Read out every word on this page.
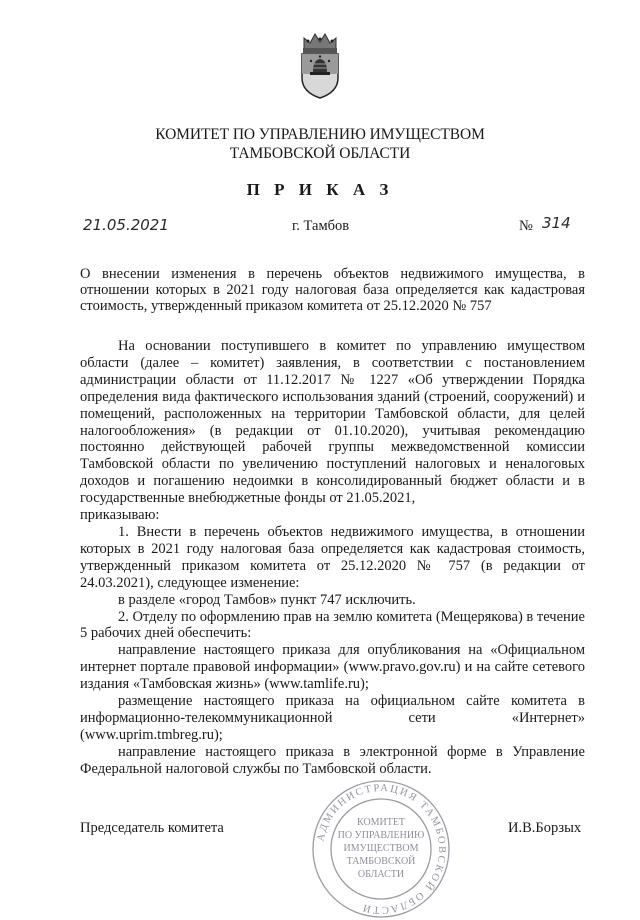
КОМИТЕТ ПО УПРАВЛЕНИЮ ИМУЩЕСТВОМ
ТАМБОВСКОЙ ОБЛАСТИ
П Р И К А З
21.05.2021	г. Тамбов	№ 314
О внесении изменения в перечень объектов недвижимого имущества, в отношении которых в 2021 году налоговая база определяется как кадастровая стоимость, утвержденный приказом комитета от 25.12.2020 № 757

На основании поступившего в комитет по управлению имуществом области (далее – комитет) заявления, в соответствии с постановлением администрации области от 11.12.2017 № 1227 «Об утверждении Порядка определения вида фактического использования зданий (строений, сооружений) и помещений, расположенных на территории Тамбовской области, для целей налогообложения» (в редакции от 01.10.2020), учитывая рекомендацию постоянно действующей рабочей группы межведомственной комиссии Тамбовской области по увеличению поступлений налоговых и неналоговых доходов и погашению недоимки в консолидированный бюджет области и в государственные внебюджетные фонды от 21.05.2021,

приказываю:

1. Внести в перечень объектов недвижимого имущества, в отношении которых в 2021 году налоговая база определяется как кадастровая стоимость, утвержденный приказом комитета от 25.12.2020 № 757 (в редакции от 24.03.2021), следующее изменение:

в разделе «город Тамбов» пункт 747 исключить.

2. Отделу по оформлению прав на землю комитета (Мещерякова) в течение 5 рабочих дней обеспечить:

направление настоящего приказа для опубликования на «Официальном интернет портале правовой информации» (www.pravo.gov.ru) и на сайте сетевого издания «Тамбовская жизнь» (www.tamlife.ru);

размещение настоящего приказа на официальном сайте комитета в информационно-телекоммуникационной сети «Интернет» (www.uprim.tmbreg.ru);

направление настоящего приказа в электронной форме в Управление Федеральной налоговой службы по Тамбовской области.

Председатель комитета	И.В.Борзых
АДМИНИСТРАЦИЯ ТАМБОВСКОЙ ОБЛАСТИ
КОМИТЕТ
ПО УПРАВЛЕНИЮ
ИМУЩЕСТВОМ
ТАМБОВСКОЙ
ОБЛАСТИ
